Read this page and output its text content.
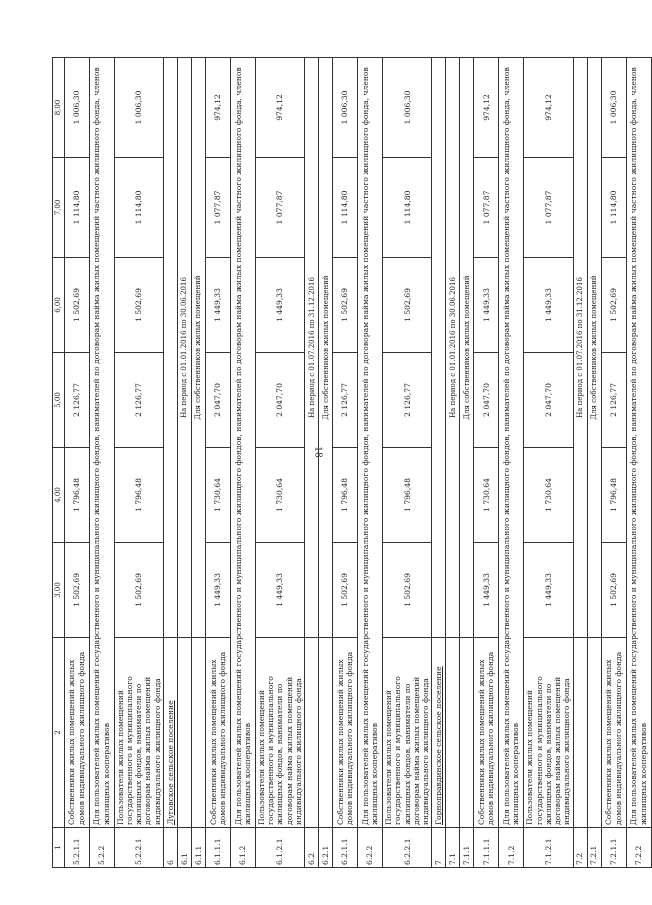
18
1	2	3,00	4,00	5,00	6,00	7,00	8,00
5.2.1.1	Собственники жилых помещений жилых домов индивидуального жилищного фонда	1 502,69	1 796,48	2 126,77	1 502,69	1 114,80	1 006,30
5.2.2	Для пользователей жилых помещений государственного и муниципального жилищного фондов, нанимателей по договорам найма жилых помещений частного жилищного фонда, членов жилищных кооперативов						
5.2.2.1	Пользователи жилых помещений государственного и муниципального жилищных фондов, наниматели по договорам найма жилых помещений индивидуального жилищного фонда	1 502,69	1 796,48	2 126,77	1 502,69	1 114,80	1 006,30
6	Луговское сельское поселение						
6.1		На период с 01.01.2016 по 30.06.2016					
6.1.1		Для собственников жилых помещений					
6.1.1.1	Собственники жилых помещений жилых домов индивидуального жилищного фонда	1 449,33	1 730,64	2 047,70	1 449,33	1 077,87	974,12
6.1.2	Для пользователей жилых помещений государственного и муниципального жилищного фондов, нанимателей по договорам найма жилых помещений частного жилищного фонда, членов жилищных кооперативов						
6.1.2.1	Пользователи жилых помещений государственного и муниципального жилищных фондов, наниматели по договорам найма жилых помещений индивидуального жилищного фонда	1 449,33	1 730,64	2 047,70	1 449,33	1 077,87	974,12
6.2		На период с 01.07.2016 по 31.12.2016					
6.2.1		Для собственников жилых помещений					
6.2.1.1	Собственники жилых помещений жилых домов индивидуального жилищного фонда	1 502,69	1 796,48	2 126,77	1 502,69	1 114,80	1 006,30
6.2.2	Для пользователей жилых помещений государственного и муниципального жилищного фондов, нанимателей по договорам найма жилых помещений частного жилищного фонда, членов жилищных кооперативов						
6.2.2.1	Пользователи жилых помещений государственного и муниципального жилищных фондов, наниматели по договорам найма жилых помещений индивидуального жилищного фонда	1 502,69	1 796,48	2 126,77	1 502,69	1 114,80	1 006,30
7	Горноправдинское сельское поселение						
7.1		На период с 01.01.2016 по 30.06.2016					
7.1.1		Для собственников жилых помещений					
7.1.1.1	Собственники жилых помещений жилых домов индивидуального жилищного фонда	1 449,33	1 730,64	2 047,70	1 449,33	1 077,87	974,12
7.1.2	Для пользователей жилых помещений государственного и муниципального жилищного фондов, нанимателей по договорам найма жилых помещений частного жилищного фонда, членов жилищных кооперативов						
7.1.2.1	Пользователи жилых помещений государственного и муниципального жилищных фондов, наниматели по договорам найма жилых помещений индивидуального жилищного фонда	1 449,33	1 730,64	2 047,70	1 449,33	1 077,87	974,12
7.2		На период с 01.07.2016 по 31.12.2016					
7.2.1		Для собственников жилых помещений					
7.2.1.1	Собственники жилых помещений жилых домов индивидуального жилищного фонда	1 502,69	1 796,48	2 126,77	1 502,69	1 114,80	1 006,30
7.2.2	Для пользователей жилых помещений государственного и муниципального жилищного фондов, нанимателей по договорам найма жилых помещений частного жилищного фонда, членов жилищных кооперативов						
